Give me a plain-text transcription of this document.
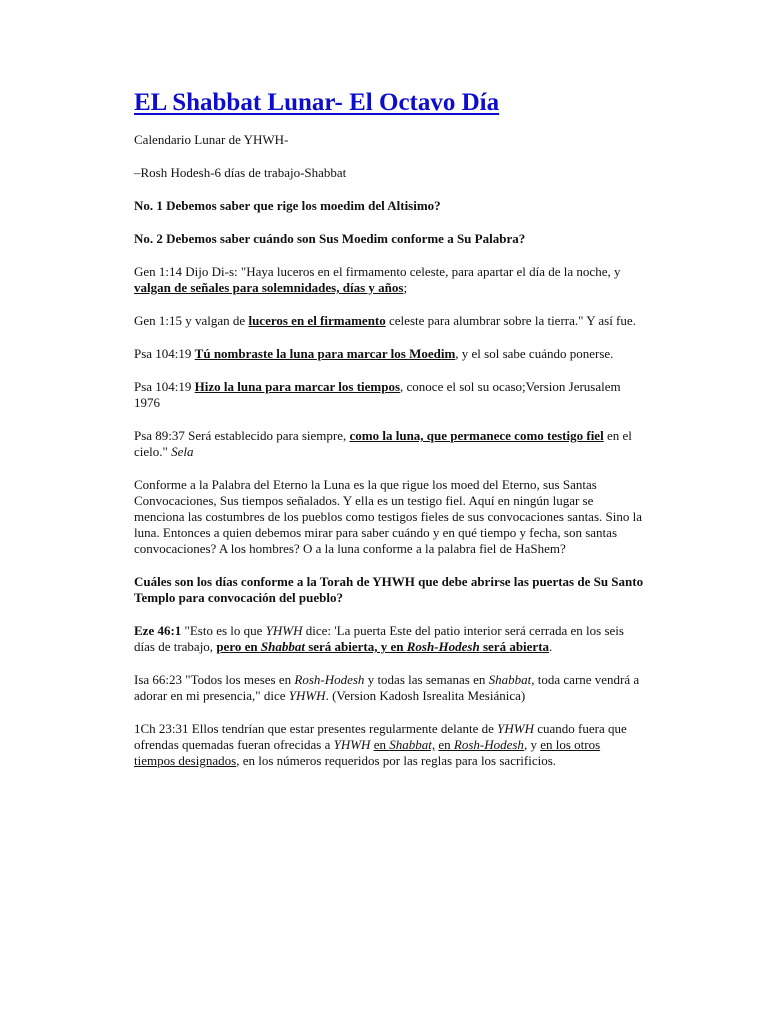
EL Shabbat Lunar- El Octavo Día

Calendario Lunar de YHWH-

–Rosh Hodesh-6 días de trabajo-Shabbat

No. 1 Debemos saber que rige los moedim del Altisimo?

No. 2 Debemos saber cuándo son Sus Moedim conforme a Su Palabra?

Gen 1:14 Dijo Di-s: "Haya luceros en el firmamento celeste, para apartar el día de la noche, y valgan de señales para solemnidades, días y años;

Gen 1:15 y valgan de luceros en el firmamento celeste para alumbrar sobre la tierra." Y así fue.

Psa 104:19 Tú nombraste la luna para marcar los Moedim, y el sol sabe cuándo ponerse.

Psa 104:19 Hizo la luna para marcar los tiempos, conoce el sol su ocaso;Version Jerusalem 1976

Psa 89:37 Será establecido para siempre, como la luna, que permanece como testigo fiel en el cielo." Sela

Conforme a la Palabra del Eterno la Luna es la que rigue los moed del Eterno, sus Santas Convocaciones, Sus tiempos señalados. Y ella es un testigo fiel. Aquí en ningún lugar se menciona las costumbres de los pueblos como testigos fieles de sus convocaciones santas. Sino la luna. Entonces a quien debemos mirar para saber cuándo y en qué tiempo y fecha, son santas convocaciones? A los hombres? O a la luna conforme a la palabra fiel de HaShem?

Cuáles son los días conforme a la Torah de YHWH que debe abrirse las puertas de Su Santo Templo para convocación del pueblo?

Eze 46:1 "Esto es lo que YHWH dice: 'La puerta Este del patio interior será cerrada en los seis días de trabajo, pero en Shabbat será abierta, y en Rosh-Hodesh será abierta.

Isa 66:23 "Todos los meses en Rosh-Hodesh y todas las semanas en Shabbat, toda carne vendrá a adorar en mi presencia," dice YHWH. (Version Kadosh Isrealita Mesiánica)

1Ch 23:31 Ellos tendrían que estar presentes regularmente delante de YHWH cuando fuera que ofrendas quemadas fueran ofrecidas a YHWH en Shabbat, en Rosh-Hodesh, y en los otros tiempos designados, en los números requeridos por las reglas para los sacrificios.
